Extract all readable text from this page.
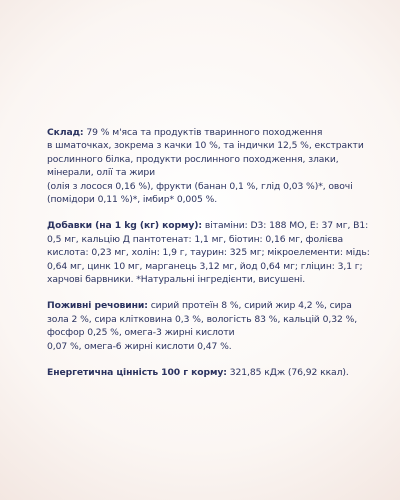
Склад: 79 % м'яса та продуктів тваринного походження
в шматочках, зокрема з качки 10 %, та індички 12,5 %, екстракти
рослинного білка, продукти рослинного походження, злаки,
мінерали, олії та жири
(олія з лосося 0,16 %), фрукти (банан 0,1 %, глід 0,03 %)*, овочі
(помідори 0,11 %)*, імбир* 0,005 %.

Добавки (на 1 kg (кг) корму): вітаміни: D3: 188 МО, Е: 37 мг, B1:
0,5 мг, кальцію Д пантотенат: 1,1 мг, біотин: 0,16 мг, фолієва
кислота: 0,23 мг, холін: 1,9 г, таурин: 325 мг; мікроелементи: мідь:
0,64 мг, цинк 10 мг, марганець 3,12 мг, йод 0,64 мг; гліцин: 3,1 г;
харчові барвники. *Натуральні інгредієнти, висушені.

Поживні речовини: сирий протеїн 8 %, сирий жир 4,2 %, сира
зола 2 %, сира клітковина 0,3 %, вологість 83 %, кальцій 0,32 %,
фосфор 0,25 %, омега-3 жирні кислоти
0,07 %, омега-6 жирні кислоти 0,47 %.

Енергетична цінність 100 г корму: 321,85 кДж (76,92 ккал).
